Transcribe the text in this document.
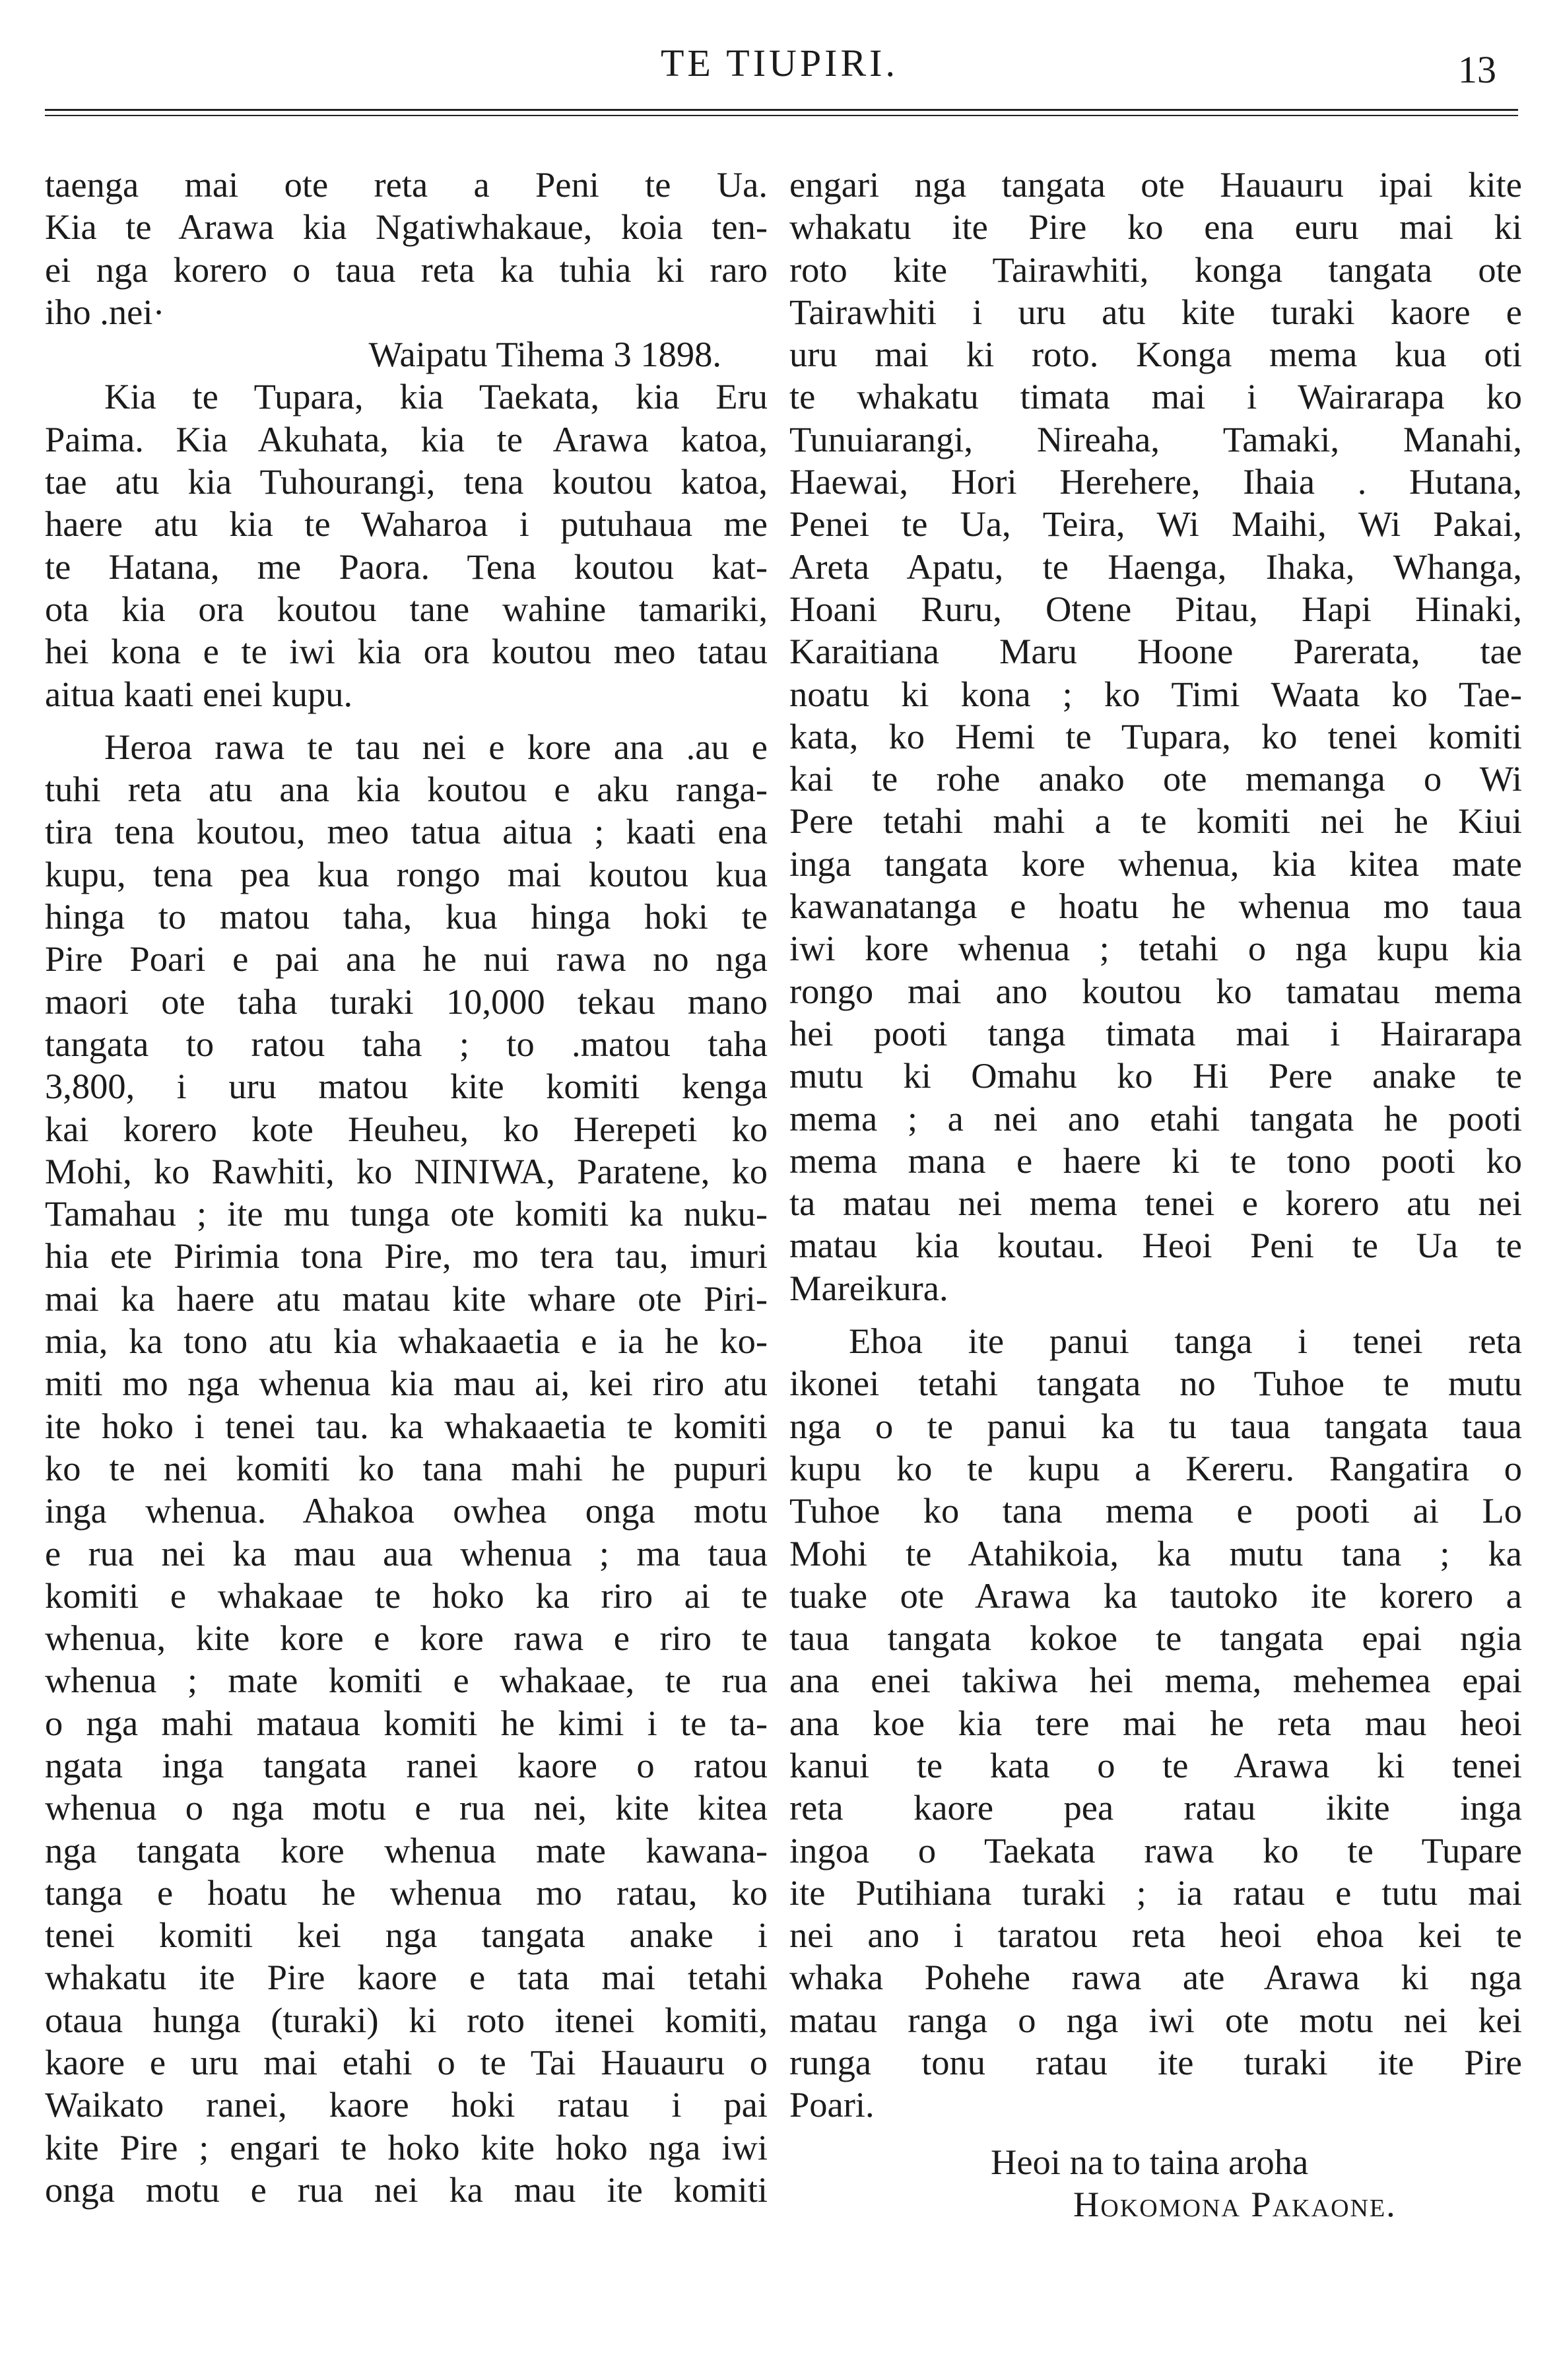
TE TIUPIRI.	13
taenga mai ote reta a Peni te Ua.
Kia te Arawa kia Ngatiwhakaue, koia ten-
ei nga korero o taua reta ka tuhia ki raro
iho .nei·
Waipatu Tihema 3 1898.
Kia te Tupara, kia Taekata, kia Eru
Paima. Kia Akuhata, kia te Arawa katoa,
tae atu kia Tuhourangi, tena koutou katoa,
haere atu kia te Waharoa i putuhaua me
te Hatana, me Paora. Tena koutou kat-
ota kia ora koutou tane wahine tamariki,
hei kona e te iwi kia ora koutou meo tatau
aitua kaati enei kupu.
Heroa rawa te tau nei e kore ana .au e
tuhi reta atu ana kia koutou e aku ranga-
tira tena koutou, meo tatua aitua ; kaati ena
kupu, tena pea kua rongo mai koutou kua
hinga to matou taha, kua hinga hoki te
Pire Poari e pai ana he nui rawa no nga
maori ote taha turaki 10,000 tekau mano
tangata to ratou taha ; to .matou taha
3,800, i uru matou kite komiti kenga
kai korero kote Heuheu, ko Herepeti ko
Mohi, ko Rawhiti, ko NINIWA, Paratene, ko
Tamahau ; ite mu tunga ote komiti ka nuku-
hia ete Pirimia tona Pire, mo tera tau, imuri
mai ka haere atu matau kite whare ote Piri-
mia, ka tono atu kia whakaaetia e ia he ko-
miti mo nga whenua kia mau ai, kei riro atu
ite hoko i tenei tau. ka whakaaetia te komiti
ko te nei komiti ko tana mahi he pupuri
inga whenua. Ahakoa owhea onga motu
e rua nei ka mau aua whenua ; ma taua
komiti e whakaae te hoko ka riro ai te
whenua, kite kore e kore rawa e riro te
whenua ; mate komiti e whakaae, te rua
o nga mahi mataua komiti he kimi i te ta-
ngata inga tangata ranei kaore o ratou
whenua o nga motu e rua nei, kite kitea
nga tangata kore whenua mate kawana-
tanga e hoatu he whenua mo ratau, ko
tenei komiti kei nga tangata anake i
whakatu ite Pire kaore e tata mai tetahi
otaua hunga (turaki) ki roto itenei komiti,
kaore e uru mai etahi o te Tai Hauauru o
Waikato ranei, kaore hoki ratau i pai
kite Pire ; engari te hoko kite hoko nga iwi
onga motu e rua nei ka mau ite komiti
engari nga tangata ote Hauauru ipai kite
whakatu ite Pire ko ena euru mai ki
roto kite Tairawhiti, konga tangata ote
Tairawhiti i uru atu kite turaki kaore e
uru mai ki roto. Konga mema kua oti
te whakatu timata mai i Wairarapa ko
Tunuiarangi, Nireaha, Tamaki, Manahi,
Haewai, Hori Herehere, Ihaia . Hutana,
Penei te Ua, Teira, Wi Maihi, Wi Pakai,
Areta Apatu, te Haenga, Ihaka, Whanga,
Hoani Ruru, Otene Pitau, Hapi Hinaki,
Karaitiana Maru Hoone Parerata, tae
noatu ki kona ; ko Timi Waata ko Tae-
kata, ko Hemi te Tupara, ko tenei komiti
kai te rohe anako ote memanga o Wi
Pere tetahi mahi a te komiti nei he Kiui
inga tangata kore whenua, kia kitea mate
kawanatanga e hoatu he whenua mo taua
iwi kore whenua ; tetahi o nga kupu kia
rongo mai ano koutou ko tamatau mema
hei pooti tanga timata mai i Hairarapa
mutu ki Omahu ko Hi Pere anake te
mema ; a nei ano etahi tangata he pooti
mema mana e haere ki te tono pooti ko
ta matau nei mema tenei e korero atu nei
matau kia koutau. Heoi Peni te Ua te
Mareikura.
Ehoa ite panui tanga i tenei reta
ikonei tetahi tangata no Tuhoe te mutu
nga o te panui ka tu taua tangata taua
kupu ko te kupu a Kereru. Rangatira o
Tuhoe ko tana mema e pooti ai Lo
Mohi te Atahikoia, ka mutu tana ; ka
tuake ote Arawa ka tautoko ite korero a
taua tangata kokoe te tangata epai ngia
ana enei takiwa hei mema, mehemea epai
ana koe kia tere mai he reta mau heoi
kanui te kata o te Arawa ki tenei
reta kaore pea ratau ikite inga
ingoa o Taekata rawa ko te Tupare
ite Putihiana turaki ; ia ratau e tutu mai
nei ano i taratou reta heoi ehoa kei te
whaka Pohehe rawa ate Arawa ki nga
matau ranga o nga iwi ote motu nei kei
runga tonu ratau ite turaki ite Pire
Poari.
Heoi na to taina aroha
Hokomona Pakaone.
